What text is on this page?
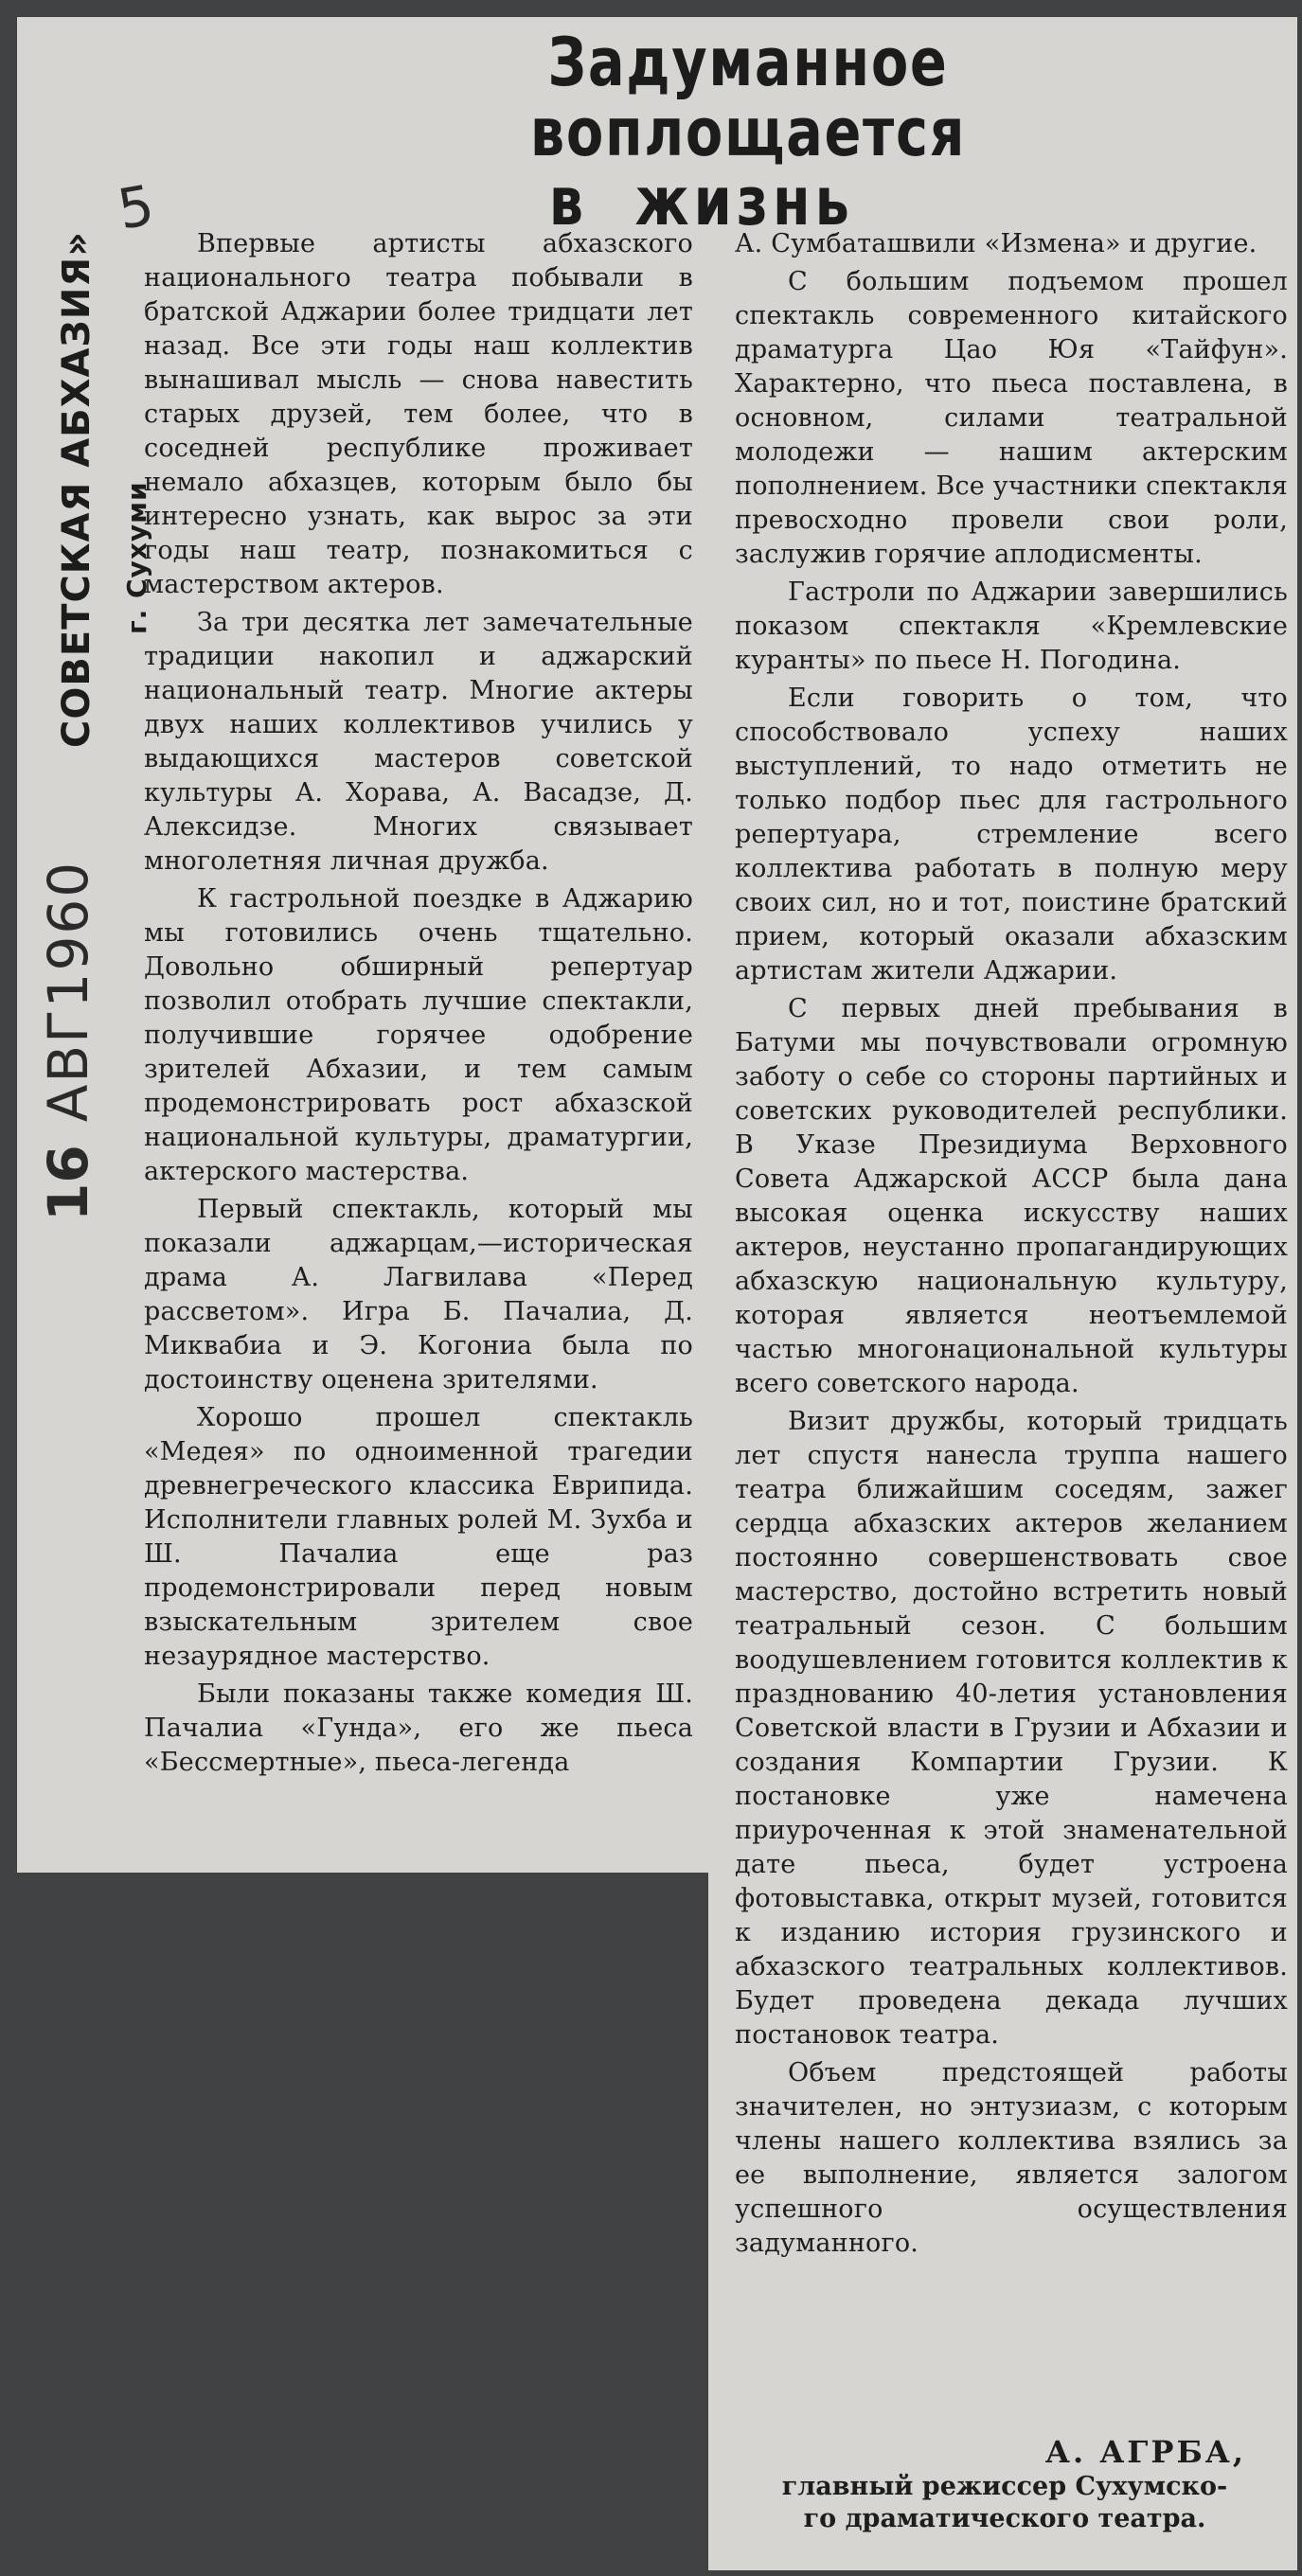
Задуманное воплощается
в жизнь
5
СОВЕТСКАЯ АБХАЗИЯ» г. Сухуми
16АВГ1960

Впервые артисты абхазского национального театра побывали в братской Аджарии более тридцати лет назад. Все эти годы наш коллектив вынашивал мысль — снова навестить старых друзей, тем более, что в соседней республике проживает немало абхазцев, которым было бы интересно узнать, как вырос за эти годы наш театр, познакомиться с мастерством актеров.

За три десятка лет замечательные традиции накопил и аджарский национальный театр. Многие актеры двух наших коллективов учились у выдающихся мастеров советской культуры А. Хорава, А. Васадзе, Д. Алексидзе. Многих связывает многолетняя личная дружба.

К гастрольной поездке в Аджарию мы готовились очень тщательно. Довольно обширный репертуар позволил отобрать лучшие спектакли, получившие горячее одобрение зрителей Абхазии, и тем самым продемонстрировать рост абхазской национальной культуры, драматургии, актерского мастерства.

Первый спектакль, который мы показали аджарцам,—историческая драма А. Лагвилава «Перед рассветом». Игра Б. Пачалиа, Д. Миквабиа и Э. Когониа была по достоинству оценена зрителями.

Хорошо прошел спектакль «Медея» по одноименной трагедии древнегреческого классика Еврипида. Исполнители главных ролей М. Зухба и Ш. Пачалиа еще раз продемонстрировали перед новым взыскательным зрителем свое незаурядное мастерство.

Были показаны также комедия Ш. Пачалиа «Гунда», его же пьеса «Бессмертные», пьеса-легенда

А. Сумбаташвили «Измена» и другие.

С большим подъемом прошел спектакль современного китайского драматурга Цао Юя «Тайфун». Характерно, что пьеса поставлена, в основном, силами театральной молодежи — нашим актерским пополнением. Все участники спектакля превосходно провели свои роли, заслужив горячие аплодисменты.

Гастроли по Аджарии завершились показом спектакля «Кремлевские куранты» по пьесе Н. Погодина.

Если говорить о том, что способствовало успеху наших выступлений, то надо отметить не только подбор пьес для гастрольного репертуара, стремление всего коллектива работать в полную меру своих сил, но и тот, поистине братский прием, который оказали абхазским артистам жители Аджарии.

С первых дней пребывания в Батуми мы почувствовали огромную заботу о себе со стороны партийных и советских руководителей республики. В Указе Президиума Верховного Совета Аджарской АССР была дана высокая оценка искусству наших актеров, неустанно пропагандирующих абхазскую национальную культуру, которая является неотъемлемой частью многонациональной культуры всего советского народа.

Визит дружбы, который тридцать лет спустя нанесла труппа нашего театра ближайшим соседям, зажег сердца абхазских актеров желанием постоянно совершенствовать свое мастерство, достойно встретить новый театральный сезон. С большим воодушевлением готовится коллектив к празднованию 40-летия установления Советской власти в Грузии и Абхазии и создания Компартии Грузии. К постановке уже намечена приуроченная к этой знаменательной дате пьеса, будет устроена фотовыставка, открыт музей, готовится к изданию история грузинского и абхазского театральных коллективов. Будет проведена декада лучших постановок театра.

Объем предстоящей работы значителен, но энтузиазм, с которым члены нашего коллектива взялись за ее выполнение, является залогом успешного осуществления задуманного.

А. АГРБА,
главный режиссер Сухумско-
го драматического театра.
